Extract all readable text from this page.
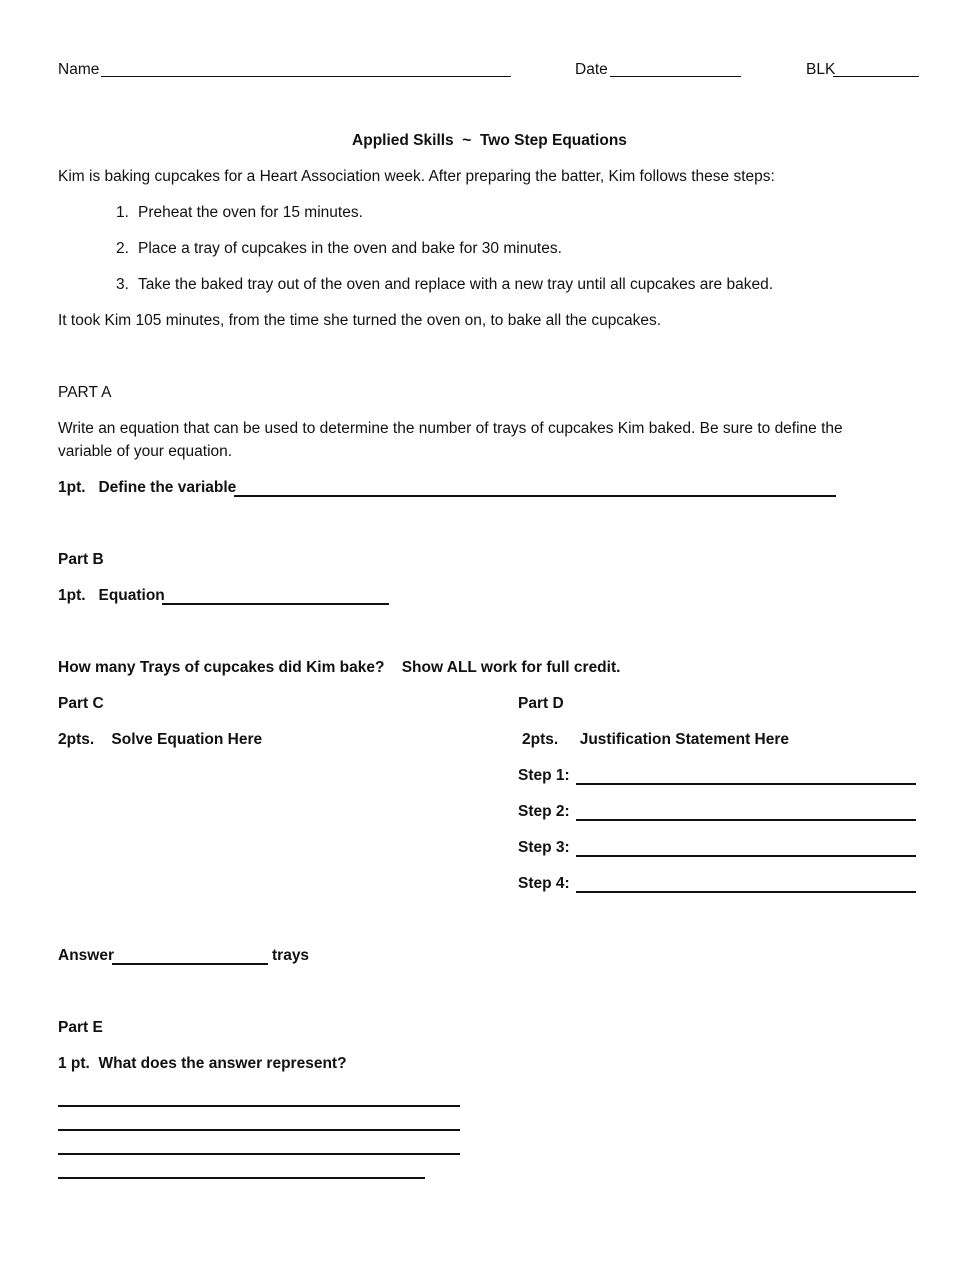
Name	Date	BLK
Applied Skills  ~  Two Step Equations
Kim is baking cupcakes for a Heart Association week. After preparing the batter, Kim follows these steps:
1. Preheat the oven for 15 minutes.
2. Place a tray of cupcakes in the oven and bake for 30 minutes.
3. Take the baked tray out of the oven and replace with a new tray until all cupcakes are baked.
It took Kim 105 minutes, from the time she turned the oven on, to bake all the cupcakes.
PART A
Write an equation that can be used to determine the number of trays of cupcakes Kim baked. Be sure to define the
variable of your equation.
1pt.   Define the variable
Part B
1pt.   Equation
How many Trays of cupcakes did Kim bake?    Show ALL work for full credit.
Part C
2pts.    Solve Equation Here
Part D
2pts.     Justification Statement Here
Step 1:
Step 2:
Step 3:
Step 4:
Answer	trays
Part E
1 pt.  What does the answer represent?
